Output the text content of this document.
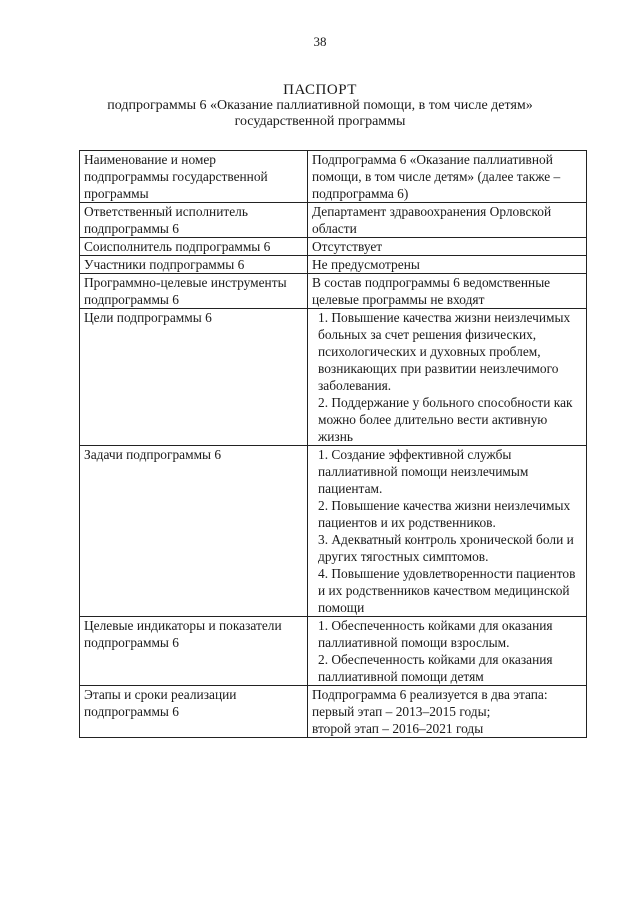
38
ПАСПОРТ
подпрограммы 6 «Оказание паллиативной помощи, в том числе детям»
государственной программы
Наименование и номер подпрограммы государственной программы	Подпрограмма 6 «Оказание паллиативной помощи, в том числе детям» (далее также – подпрограмма 6)

Ответственный исполнитель подпрограммы 6	Департамент здравоохранения Орловской области

Соисполнитель подпрограммы 6	Отсутствует

Участники подпрограммы 6	Не предусмотрены

Программно-целевые инструменты подпрограммы 6	В состав подпрограммы 6 ведомственные целевые программы не входят

Цели подпрограммы 6	1. Повышение качества жизни неизлечимых больных за счет решения физических, психологических и духовных проблем, возникающих при развитии неизлечимого заболевания.
2. Поддержание у больного способности как можно более длительно вести активную жизнь

Задачи подпрограммы 6	1. Создание эффективной службы паллиативной помощи неизлечимым пациентам.
2. Повышение качества жизни неизлечимых пациентов и их родственников.
3. Адекватный контроль хронической боли и других тягостных симптомов.
4. Повышение удовлетворенности пациентов и их родственников качеством медицинской помощи

Целевые индикаторы и показатели подпрограммы 6	1. Обеспеченность койками для оказания паллиативной помощи взрослым.
2. Обеспеченность койками для оказания паллиативной помощи детям

Этапы и сроки реализации подпрограммы 6	Подпрограмма 6 реализуется в два этапа:
первый этап – 2013–2015 годы;
второй этап – 2016–2021 годы
